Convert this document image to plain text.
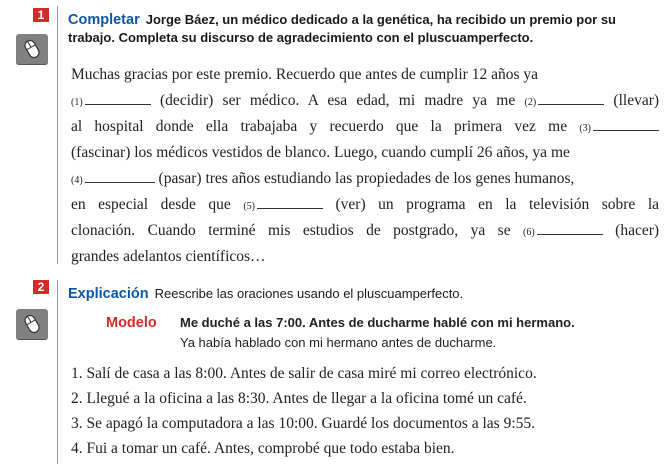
1	Completar Jorge Báez, un médico dedicado a la genética, ha recibido un premio por su trabajo. Completa su discurso de agradecimiento con el pluscuamperfecto.
Muchas gracias por este premio. Recuerdo que antes de cumplir 12 años ya
(1)	(decidir) ser médico. A esa edad, mi madre ya me (2)	(llevar)
al hospital donde ella trabajaba y recuerdo que la primera vez me (3)
(fascinar) los médicos vestidos de blanco. Luego, cuando cumplí 26 años, ya me
(4)	(pasar) tres años estudiando las propiedades de los genes humanos,
en especial desde que (5)	(ver) un programa en la televisión sobre la
clonación. Cuando terminé mis estudios de postgrado, ya se (6)	(hacer)
grandes adelantos científicos…
2	Explicación Reescribe las oraciones usando el pluscuamperfecto.
Modelo Me duché a las 7:00. Antes de ducharme hablé con mi hermano.
Ya había hablado con mi hermano antes de ducharme.
1. Salí de casa a las 8:00. Antes de salir de casa miré mi correo electrónico.
2. Llegué a la oficina a las 8:30. Antes de llegar a la oficina tomé un café.
3. Se apagó la computadora a las 10:00. Guardé los documentos a las 9:55.
4. Fui a tomar un café. Antes, comprobé que todo estaba bien.
